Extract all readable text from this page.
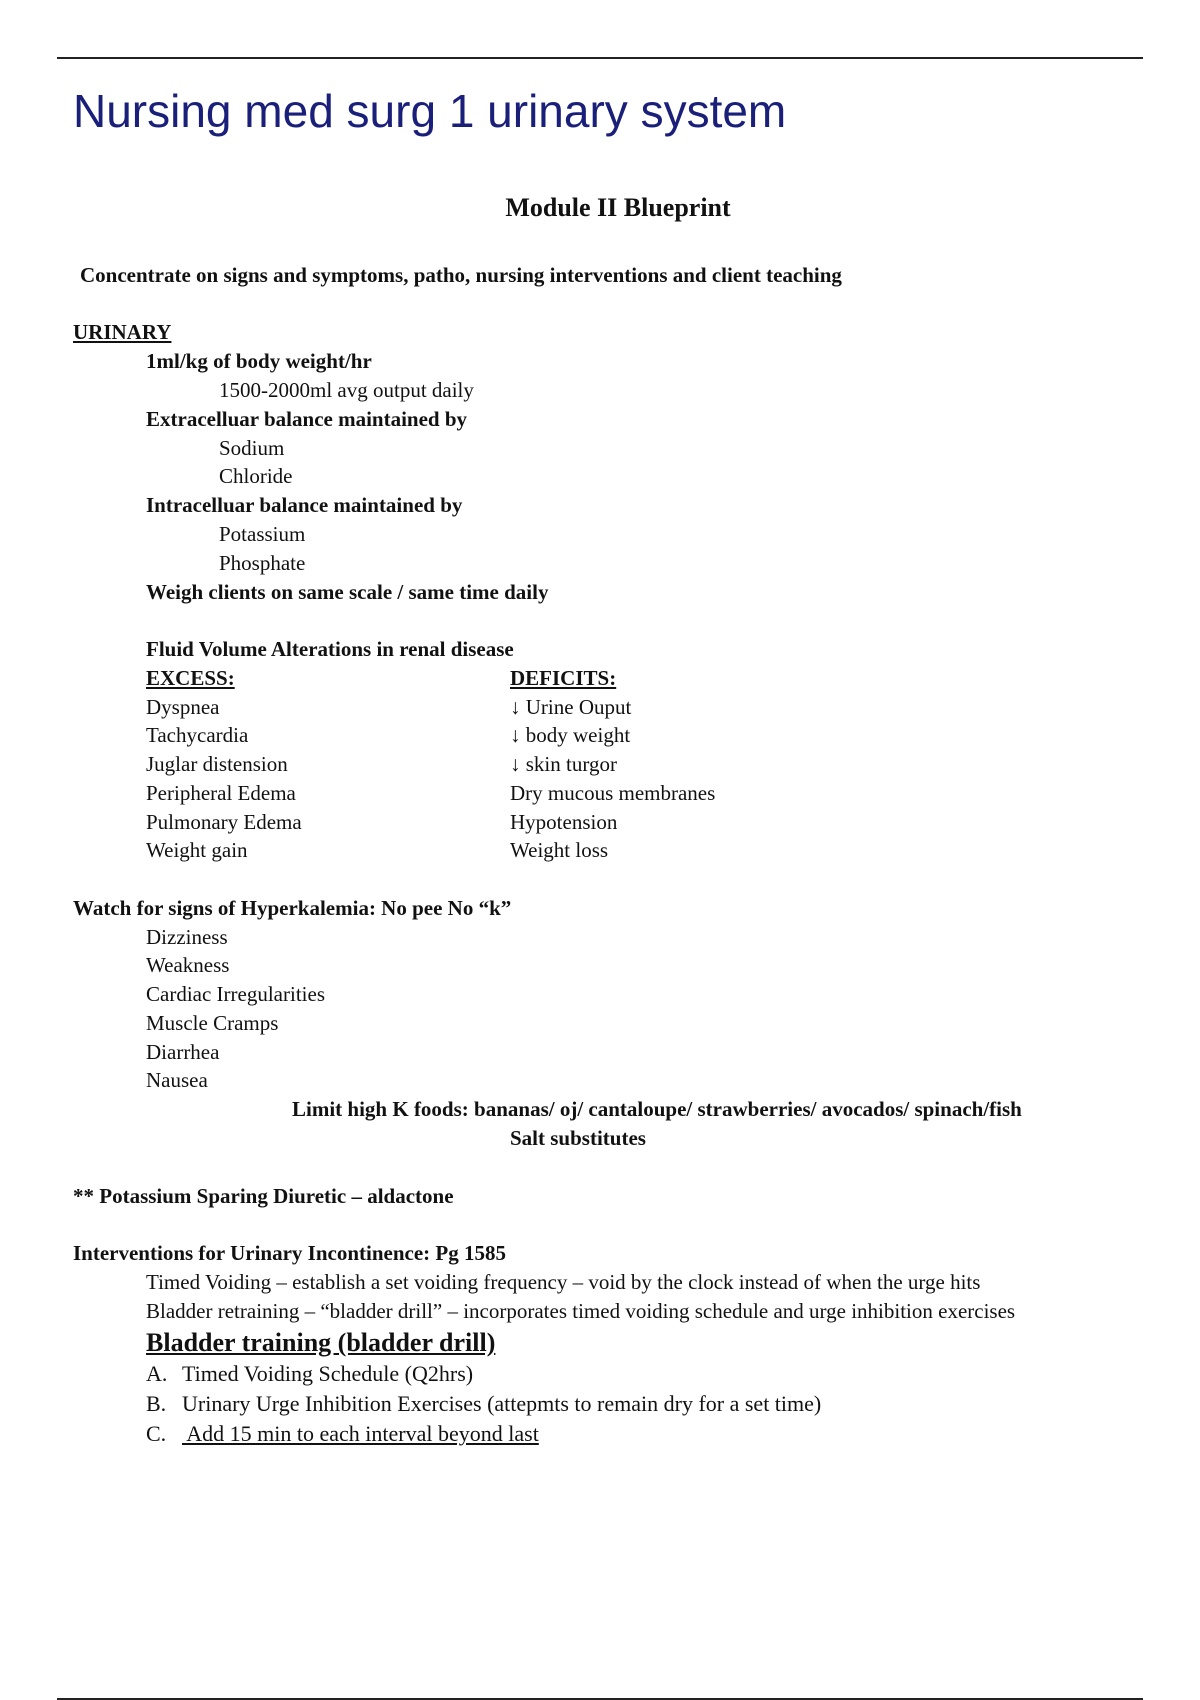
Nursing med surg 1 urinary system
Module II Blueprint
Concentrate on signs and symptoms, patho, nursing interventions and client teaching
URINARY
1ml/kg of body weight/hr
1500-2000ml avg output daily
Extracelluar balance maintained by
Sodium
Chloride
Intracelluar balance maintained by
Potassium
Phosphate
Weigh clients on same scale / same time daily
Fluid Volume Alterations in renal disease
EXCESS:	DEFICITS:
Dyspnea
Tachycardia
Juglar distension
Peripheral Edema
Pulmonary Edema
Weight gain
↓ Urine Ouput
↓ body weight
↓ skin turgor
Dry mucous membranes
Hypotension
Weight loss
Watch for signs of Hyperkalemia: No pee No “k”
Dizziness
Weakness
Cardiac Irregularities
Muscle Cramps
Diarrhea
Nausea
Limit high K foods: bananas/ oj/ cantaloupe/ strawberries/ avocados/ spinach/fish
Salt substitutes
** Potassium Sparing Diuretic – aldactone
Interventions for Urinary Incontinence: Pg 1585
Timed Voiding – establish a set voiding frequency – void by the clock instead of when the urge hits
Bladder retraining – “bladder drill” – incorporates timed voiding schedule and urge inhibition exercises
Bladder training (bladder drill)
A. Timed Voiding Schedule (Q2hrs)
B. Urinary Urge Inhibition Exercises (attepmts to remain dry for a set time)
C. Add 15 min to each interval beyond last
